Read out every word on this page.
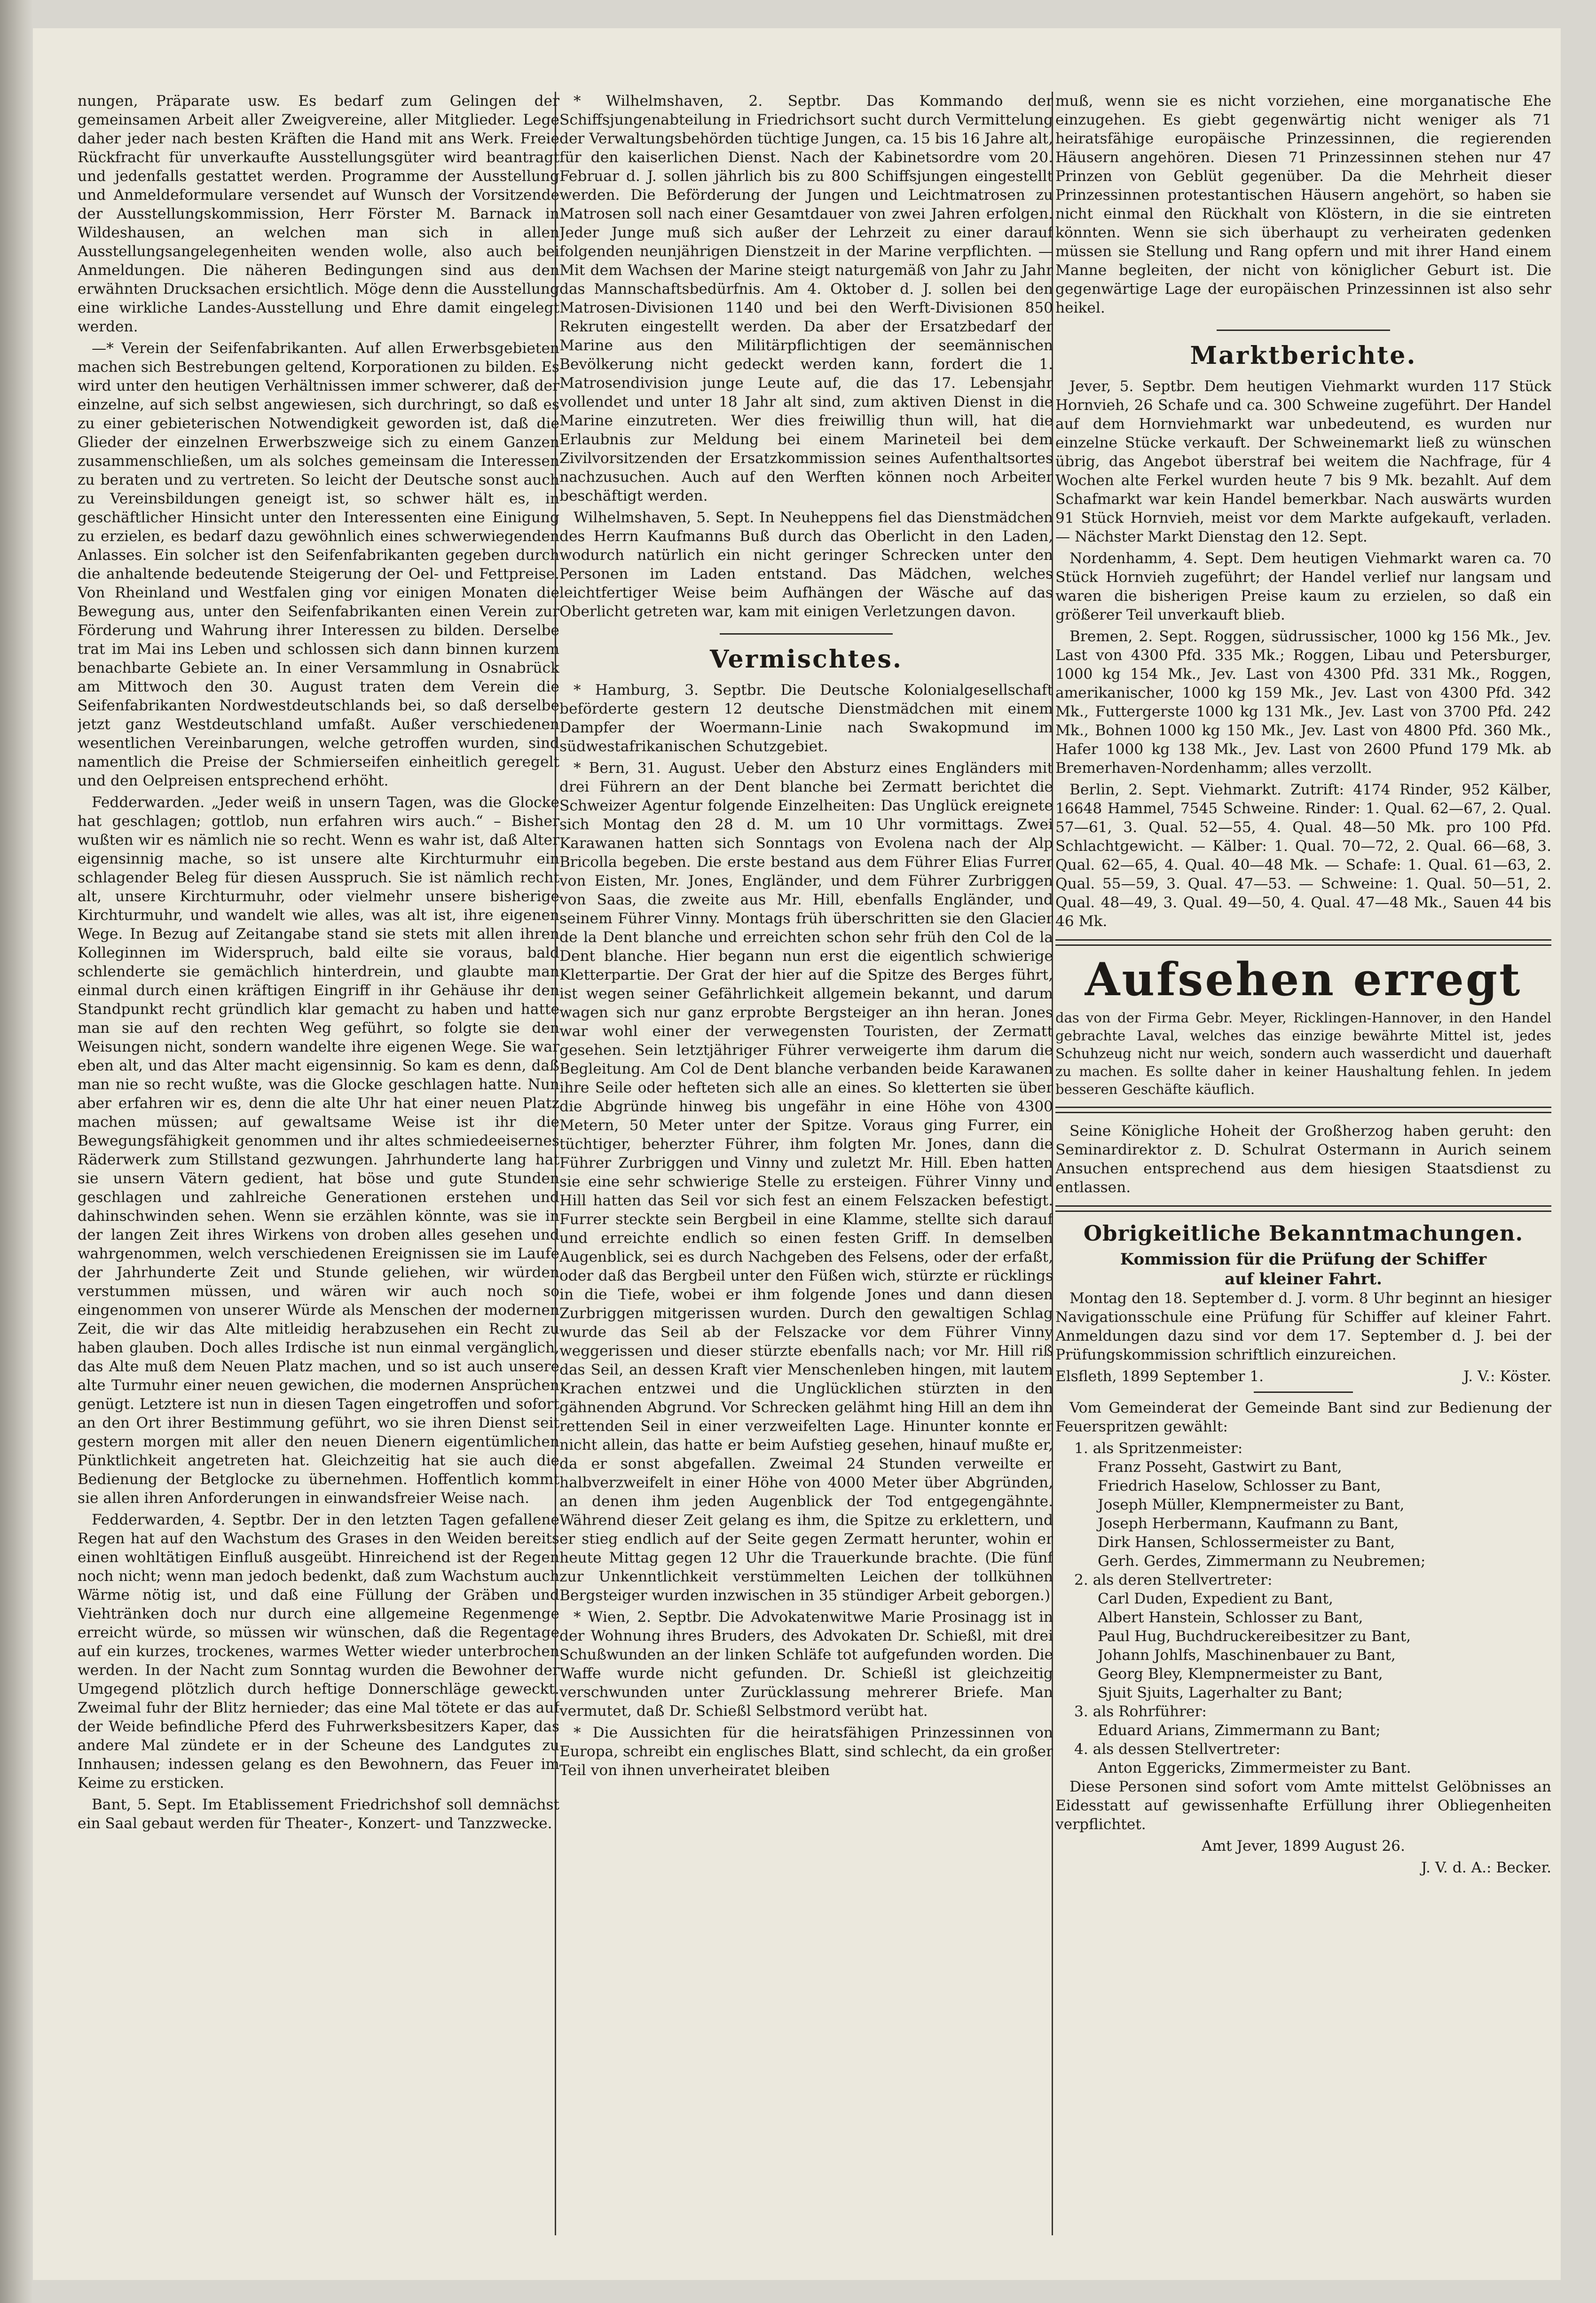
nungen, Präparate usw. Es bedarf zum Gelingen der gemeinsamen Arbeit aller Zweigvereine, aller Mitglieder. Lege daher jeder nach besten Kräften die Hand mit ans Werk. Freie Rückfracht für unverkaufte Ausstellungsgüter wird beantragt und jedenfalls gestattet werden. Programme der Ausstellung und Anmeldeformulare versendet auf Wunsch der Vorsitzende der Ausstellungskommission, Herr Förster M. Barnack in Wildeshausen, an welchen man sich in allen Ausstellungsangelegenheiten wenden wolle, also auch bei Anmeldungen. Die näheren Bedingungen sind aus den erwähnten Drucksachen ersichtlich. Möge denn die Ausstellung eine wirkliche Landes-Ausstellung und Ehre damit eingelegt werden.

—* Verein der Seifenfabrikanten. Auf allen Erwerbsgebieten machen sich Bestrebungen geltend, Korporationen zu bilden. Es wird unter den heutigen Verhältnissen immer schwerer, daß der einzelne, auf sich selbst angewiesen, sich durchringt, so daß es zu einer gebieterischen Notwendigkeit geworden ist, daß die Glieder der einzelnen Erwerbszweige sich zu einem Ganzen zusammenschließen, um als solches gemeinsam die Interessen zu beraten und zu vertreten. So leicht der Deutsche sonst auch zu Vereinsbildungen geneigt ist, so schwer hält es, in geschäftlicher Hinsicht unter den Interessenten eine Einigung zu erzielen, es bedarf dazu gewöhnlich eines schwerwiegenden Anlasses. Ein solcher ist den Seifenfabrikanten gegeben durch die anhaltende bedeutende Steigerung der Oel- und Fettpreise. Von Rheinland und Westfalen ging vor einigen Monaten die Bewegung aus, unter den Seifenfabrikanten einen Verein zur Förderung und Wahrung ihrer Interessen zu bilden. Derselbe trat im Mai ins Leben und schlossen sich dann binnen kurzem benachbarte Gebiete an. In einer Versammlung in Osnabrück am Mittwoch den 30. August traten dem Verein die Seifenfabrikanten Nordwestdeutschlands bei, so daß derselbe jetzt ganz Westdeutschland umfaßt. Außer verschiedenen wesentlichen Vereinbarungen, welche getroffen wurden, sind namentlich die Preise der Schmierseifen einheitlich geregelt und den Oelpreisen entsprechend erhöht.

Fedderwarden. „Jeder weiß in unsern Tagen, was die Glocke hat geschlagen; gottlob, nun erfahren wirs auch.“ – Bisher wußten wir es nämlich nie so recht. Wenn es wahr ist, daß Alter eigensinnig mache, so ist unsere alte Kirchturmuhr ein schlagender Beleg für diesen Ausspruch. Sie ist nämlich recht alt, unsere Kirchturmuhr, oder vielmehr unsere bisherige Kirchturmuhr, und wandelt wie alles, was alt ist, ihre eigenen Wege. In Bezug auf Zeitangabe stand sie stets mit allen ihren Kolleginnen im Widerspruch, bald eilte sie voraus, bald schlenderte sie gemächlich hinterdrein, und glaubte man einmal durch einen kräftigen Eingriff in ihr Gehäuse ihr den Standpunkt recht gründlich klar gemacht zu haben und hatte man sie auf den rechten Weg geführt, so folgte sie den Weisungen nicht, sondern wandelte ihre eigenen Wege. Sie war eben alt, und das Alter macht eigensinnig. So kam es denn, daß man nie so recht wußte, was die Glocke geschlagen hatte. Nun aber erfahren wir es, denn die alte Uhr hat einer neuen Platz machen müssen; auf gewaltsame Weise ist ihr die Bewegungsfähigkeit genommen und ihr altes schmiedeeisernes Räderwerk zum Stillstand gezwungen. Jahrhunderte lang hat sie unsern Vätern gedient, hat böse und gute Stunden geschlagen und zahlreiche Generationen erstehen und dahinschwinden sehen. Wenn sie erzählen könnte, was sie in der langen Zeit ihres Wirkens von droben alles gesehen und wahrgenommen, welch verschiedenen Ereignissen sie im Laufe der Jahrhunderte Zeit und Stunde geliehen, wir würden verstummen müssen, und wären wir auch noch so eingenommen von unserer Würde als Menschen der modernen Zeit, die wir das Alte mitleidig herabzusehen ein Recht zu haben glauben. Doch alles Irdische ist nun einmal vergänglich, das Alte muß dem Neuen Platz machen, und so ist auch unsere alte Turmuhr einer neuen gewichen, die modernen Ansprüchen genügt. Letztere ist nun in diesen Tagen eingetroffen und sofort an den Ort ihrer Bestimmung geführt, wo sie ihren Dienst seit gestern morgen mit aller den neuen Dienern eigentümlichen Pünktlichkeit angetreten hat. Gleichzeitig hat sie auch die Bedienung der Betglocke zu übernehmen. Hoffentlich kommt sie allen ihren Anforderungen in einwandsfreier Weise nach.

Fedderwarden, 4. Septbr. Der in den letzten Tagen gefallene Regen hat auf den Wachstum des Grases in den Weiden bereits einen wohltätigen Einfluß ausgeübt. Hinreichend ist der Regen noch nicht; wenn man jedoch bedenkt, daß zum Wachstum auch Wärme nötig ist, und daß eine Füllung der Gräben und Viehtränken doch nur durch eine allgemeine Regenmenge erreicht würde, so müssen wir wünschen, daß die Regentage auf ein kurzes, trockenes, warmes Wetter wieder unterbrochen werden. In der Nacht zum Sonntag wurden die Bewohner der Umgegend plötzlich durch heftige Donnerschläge geweckt. Zweimal fuhr der Blitz hernieder; das eine Mal tötete er das auf der Weide befindliche Pferd des Fuhrwerksbesitzers Kaper, das andere Mal zündete er in der Scheune des Landgutes zu Innhausen; indessen gelang es den Bewohnern, das Feuer im Keime zu ersticken.

Bant, 5. Sept. Im Etablissement Friedrichshof soll demnächst ein Saal gebaut werden für Theater-, Konzert- und Tanzzwecke.

* Wilhelmshaven, 2. Septbr. Das Kommando der Schiffsjungenabteilung in Friedrichsort sucht durch Vermittelung der Verwaltungsbehörden tüchtige Jungen, ca. 15 bis 16 Jahre alt, für den kaiserlichen Dienst. Nach der Kabinetsordre vom 20. Februar d. J. sollen jährlich bis zu 800 Schiffsjungen eingestellt werden. Die Beförderung der Jungen und Leichtmatrosen zu Matrosen soll nach einer Gesamtdauer von zwei Jahren erfolgen. Jeder Junge muß sich außer der Lehrzeit zu einer darauf folgenden neunjährigen Dienstzeit in der Marine verpflichten. — Mit dem Wachsen der Marine steigt naturgemäß von Jahr zu Jahr das Mannschaftsbedürfnis. Am 4. Oktober d. J. sollen bei den Matrosen-Divisionen 1140 und bei den Werft-Divisionen 850 Rekruten eingestellt werden. Da aber der Ersatzbedarf der Marine aus den Militärpflichtigen der seemännischen Bevölkerung nicht gedeckt werden kann, fordert die 1. Matrosendivision junge Leute auf, die das 17. Lebensjahr vollendet und unter 18 Jahr alt sind, zum aktiven Dienst in die Marine einzutreten. Wer dies freiwillig thun will, hat die Erlaubnis zur Meldung bei einem Marineteil bei dem Zivilvorsitzenden der Ersatzkommission seines Aufenthaltsortes nachzusuchen. Auch auf den Werften können noch Arbeiter beschäftigt werden.

Wilhelmshaven, 5. Sept. In Neuheppens fiel das Dienstmädchen des Herrn Kaufmanns Buß durch das Oberlicht in den Laden, wodurch natürlich ein nicht geringer Schrecken unter den Personen im Laden entstand. Das Mädchen, welches leichtfertiger Weise beim Aufhängen der Wäsche auf das Oberlicht getreten war, kam mit einigen Verletzungen davon.

Vermischtes.

* Hamburg, 3. Septbr. Die Deutsche Kolonialgesellschaft beförderte gestern 12 deutsche Dienstmädchen mit einem Dampfer der Woermann-Linie nach Swakopmund im südwestafrikanischen Schutzgebiet.

* Bern, 31. August. Ueber den Absturz eines Engländers mit drei Führern an der Dent blanche bei Zermatt berichtet die Schweizer Agentur folgende Einzelheiten: Das Unglück ereignete sich Montag den 28 d. M. um 10 Uhr vormittags. Zwei Karawanen hatten sich Sonntags von Evolena nach der Alp Bricolla begeben. Die erste bestand aus dem Führer Elias Furrer von Eisten, Mr. Jones, Engländer, und dem Führer Zurbriggen von Saas, die zweite aus Mr. Hill, ebenfalls Engländer, und seinem Führer Vinny. Montags früh überschritten sie den Glacier de la Dent blanche und erreichten schon sehr früh den Col de la Dent blanche. Hier begann nun erst die eigentlich schwierige Kletterpartie. Der Grat der hier auf die Spitze des Berges führt, ist wegen seiner Gefährlichkeit allgemein bekannt, und darum wagen sich nur ganz erprobte Bergsteiger an ihn heran. Jones war wohl einer der verwegensten Touristen, der Zermatt gesehen. Sein letztjähriger Führer verweigerte ihm darum die Begleitung. Am Col de Dent blanche verbanden beide Karawanen ihre Seile oder hefteten sich alle an eines. So kletterten sie über die Abgründe hinweg bis ungefähr in eine Höhe von 4300 Metern, 50 Meter unter der Spitze. Voraus ging Furrer, ein tüchtiger, beherzter Führer, ihm folgten Mr. Jones, dann die Führer Zurbriggen und Vinny und zuletzt Mr. Hill. Eben hatten sie eine sehr schwierige Stelle zu ersteigen. Führer Vinny und Hill hatten das Seil vor sich fest an einem Felszacken befestigt. Furrer steckte sein Bergbeil in eine Klamme, stellte sich darauf und erreichte endlich so einen festen Griff. In demselben Augenblick, sei es durch Nachgeben des Felsens, oder der erfaßt, oder daß das Bergbeil unter den Füßen wich, stürzte er rücklings in die Tiefe, wobei er ihm folgende Jones und dann diesen Zurbriggen mitgerissen wurden. Durch den gewaltigen Schlag wurde das Seil ab der Felszacke vor dem Führer Vinny weggerissen und dieser stürzte ebenfalls nach; vor Mr. Hill riß das Seil, an dessen Kraft vier Menschenleben hingen, mit lautem Krachen entzwei und die Unglücklichen stürzten in den gähnenden Abgrund. Vor Schrecken gelähmt hing Hill an dem ihn rettenden Seil in einer verzweifelten Lage. Hinunter konnte er nicht allein, das hatte er beim Aufstieg gesehen, hinauf mußte er, da er sonst abgefallen. Zweimal 24 Stunden verweilte er halbverzweifelt in einer Höhe von 4000 Meter über Abgründen, an denen ihm jeden Augenblick der Tod entgegengähnte. Während dieser Zeit gelang es ihm, die Spitze zu erklettern, und er stieg endlich auf der Seite gegen Zermatt herunter, wohin er heute Mittag gegen 12 Uhr die Trauerkunde brachte. (Die fünf zur Unkenntlichkeit verstümmelten Leichen der tollkühnen Bergsteiger wurden inzwischen in 35 stündiger Arbeit geborgen.)

* Wien, 2. Septbr. Die Advokatenwitwe Marie Prosinagg ist in der Wohnung ihres Bruders, des Advokaten Dr. Schießl, mit drei Schußwunden an der linken Schläfe tot aufgefunden worden. Die Waffe wurde nicht gefunden. Dr. Schießl ist gleichzeitig verschwunden unter Zurücklassung mehrerer Briefe. Man vermutet, daß Dr. Schießl Selbstmord verübt hat.

* Die Aussichten für die heiratsfähigen Prinzessinnen von Europa, schreibt ein englisches Blatt, sind schlecht, da ein großer Teil von ihnen unverheiratet bleiben

muß, wenn sie es nicht vorziehen, eine morganatische Ehe einzugehen. Es giebt gegenwärtig nicht weniger als 71 heiratsfähige europäische Prinzessinnen, die regierenden Häusern angehören. Diesen 71 Prinzessinnen stehen nur 47 Prinzen von Geblüt gegenüber. Da die Mehrheit dieser Prinzessinnen protestantischen Häusern angehört, so haben sie nicht einmal den Rückhalt von Klöstern, in die sie eintreten könnten. Wenn sie sich überhaupt zu verheiraten gedenken müssen sie Stellung und Rang opfern und mit ihrer Hand einem Manne begleiten, der nicht von königlicher Geburt ist. Die gegenwärtige Lage der europäischen Prinzessinnen ist also sehr heikel.

Marktberichte.

Jever, 5. Septbr. Dem heutigen Viehmarkt wurden 117 Stück Hornvieh, 26 Schafe und ca. 300 Schweine zugeführt. Der Handel auf dem Hornviehmarkt war unbedeutend, es wurden nur einzelne Stücke verkauft. Der Schweinemarkt ließ zu wünschen übrig, das Angebot überstraf bei weitem die Nachfrage, für 4 Wochen alte Ferkel wurden heute 7 bis 9 Mk. bezahlt. Auf dem Schafmarkt war kein Handel bemerkbar. Nach auswärts wurden 91 Stück Hornvieh, meist vor dem Markte aufgekauft, verladen. — Nächster Markt Dienstag den 12. Sept.

Nordenhamm, 4. Sept. Dem heutigen Viehmarkt waren ca. 70 Stück Hornvieh zugeführt; der Handel verlief nur langsam und waren die bisherigen Preise kaum zu erzielen, so daß ein größerer Teil unverkauft blieb.

Bremen, 2. Sept. Roggen, südrussischer, 1000 kg 156 Mk., Jev. Last von 4300 Pfd. 335 Mk.; Roggen, Libau und Petersburger, 1000 kg 154 Mk., Jev. Last von 4300 Pfd. 331 Mk., Roggen, amerikanischer, 1000 kg 159 Mk., Jev. Last von 4300 Pfd. 342 Mk., Futtergerste 1000 kg 131 Mk., Jev. Last von 3700 Pfd. 242 Mk., Bohnen 1000 kg 150 Mk., Jev. Last von 4800 Pfd. 360 Mk., Hafer 1000 kg 138 Mk., Jev. Last von 2600 Pfund 179 Mk. ab Bremerhaven-Nordenhamm; alles verzollt.

Berlin, 2. Sept. Viehmarkt. Zutrift: 4174 Rinder, 952 Kälber, 16648 Hammel, 7545 Schweine. Rinder: 1. Qual. 62—67, 2. Qual. 57—61, 3. Qual. 52—55, 4. Qual. 48—50 Mk. pro 100 Pfd. Schlachtgewicht. — Kälber: 1. Qual. 70—72, 2. Qual. 66—68, 3. Qual. 62—65, 4. Qual. 40—48 Mk. — Schafe: 1. Qual. 61—63, 2. Qual. 55—59, 3. Qual. 47—53. — Schweine: 1. Qual. 50—51, 2. Qual. 48—49, 3. Qual. 49—50, 4. Qual. 47—48 Mk., Sauen 44 bis 46 Mk.

Aufsehen erregt

das von der Firma Gebr. Meyer, Ricklingen-Hannover, in den Handel gebrachte Laval, welches das einzige bewährte Mittel ist, jedes Schuhzeug nicht nur weich, sondern auch wasserdicht und dauerhaft zu machen. Es sollte daher in keiner Haushaltung fehlen. In jedem besseren Geschäfte käuflich.

Seine Königliche Hoheit der Großherzog haben geruht: den Seminardirektor z. D. Schulrat Ostermann in Aurich seinem Ansuchen entsprechend aus dem hiesigen Staatsdienst zu entlassen.

Obrigkeitliche Bekanntmachungen.
Kommission für die Prüfung der Schiffer
auf kleiner Fahrt.

Montag den 18. September d. J. vorm. 8 Uhr beginnt an hiesiger Navigationsschule eine Prüfung für Schiffer auf kleiner Fahrt. Anmeldungen dazu sind vor dem 17. September d. J. bei der Prüfungskommission schriftlich einzureichen.

Elsfleth, 1899 September 1.	J. V.: Köster.

Vom Gemeinderat der Gemeinde Bant sind zur Bedienung der Feuerspritzen gewählt:

1. als Spritzenmeister:

Franz Posseht, Gastwirt zu Bant,

Friedrich Haselow, Schlosser zu Bant,

Joseph Müller, Klempnermeister zu Bant,

Joseph Herbermann, Kaufmann zu Bant,

Dirk Hansen, Schlossermeister zu Bant,

Gerh. Gerdes, Zimmermann zu Neubremen;

2. als deren Stellvertreter:

Carl Duden, Expedient zu Bant,

Albert Hanstein, Schlosser zu Bant,

Paul Hug, Buchdruckereibesitzer zu Bant,

Johann Johlfs, Maschinenbauer zu Bant,

Georg Bley, Klempnermeister zu Bant,

Sjuit Sjuits, Lagerhalter zu Bant;

3. als Rohrführer:

Eduard Arians, Zimmermann zu Bant;

4. als dessen Stellvertreter:

Anton Eggericks, Zimmermeister zu Bant.

Diese Personen sind sofort vom Amte mittelst Gelöbnisses an Eidesstatt auf gewissenhafte Erfüllung ihrer Obliegenheiten verpflichtet.

Amt Jever, 1899 August 26.

J. V. d. A.: Becker.
